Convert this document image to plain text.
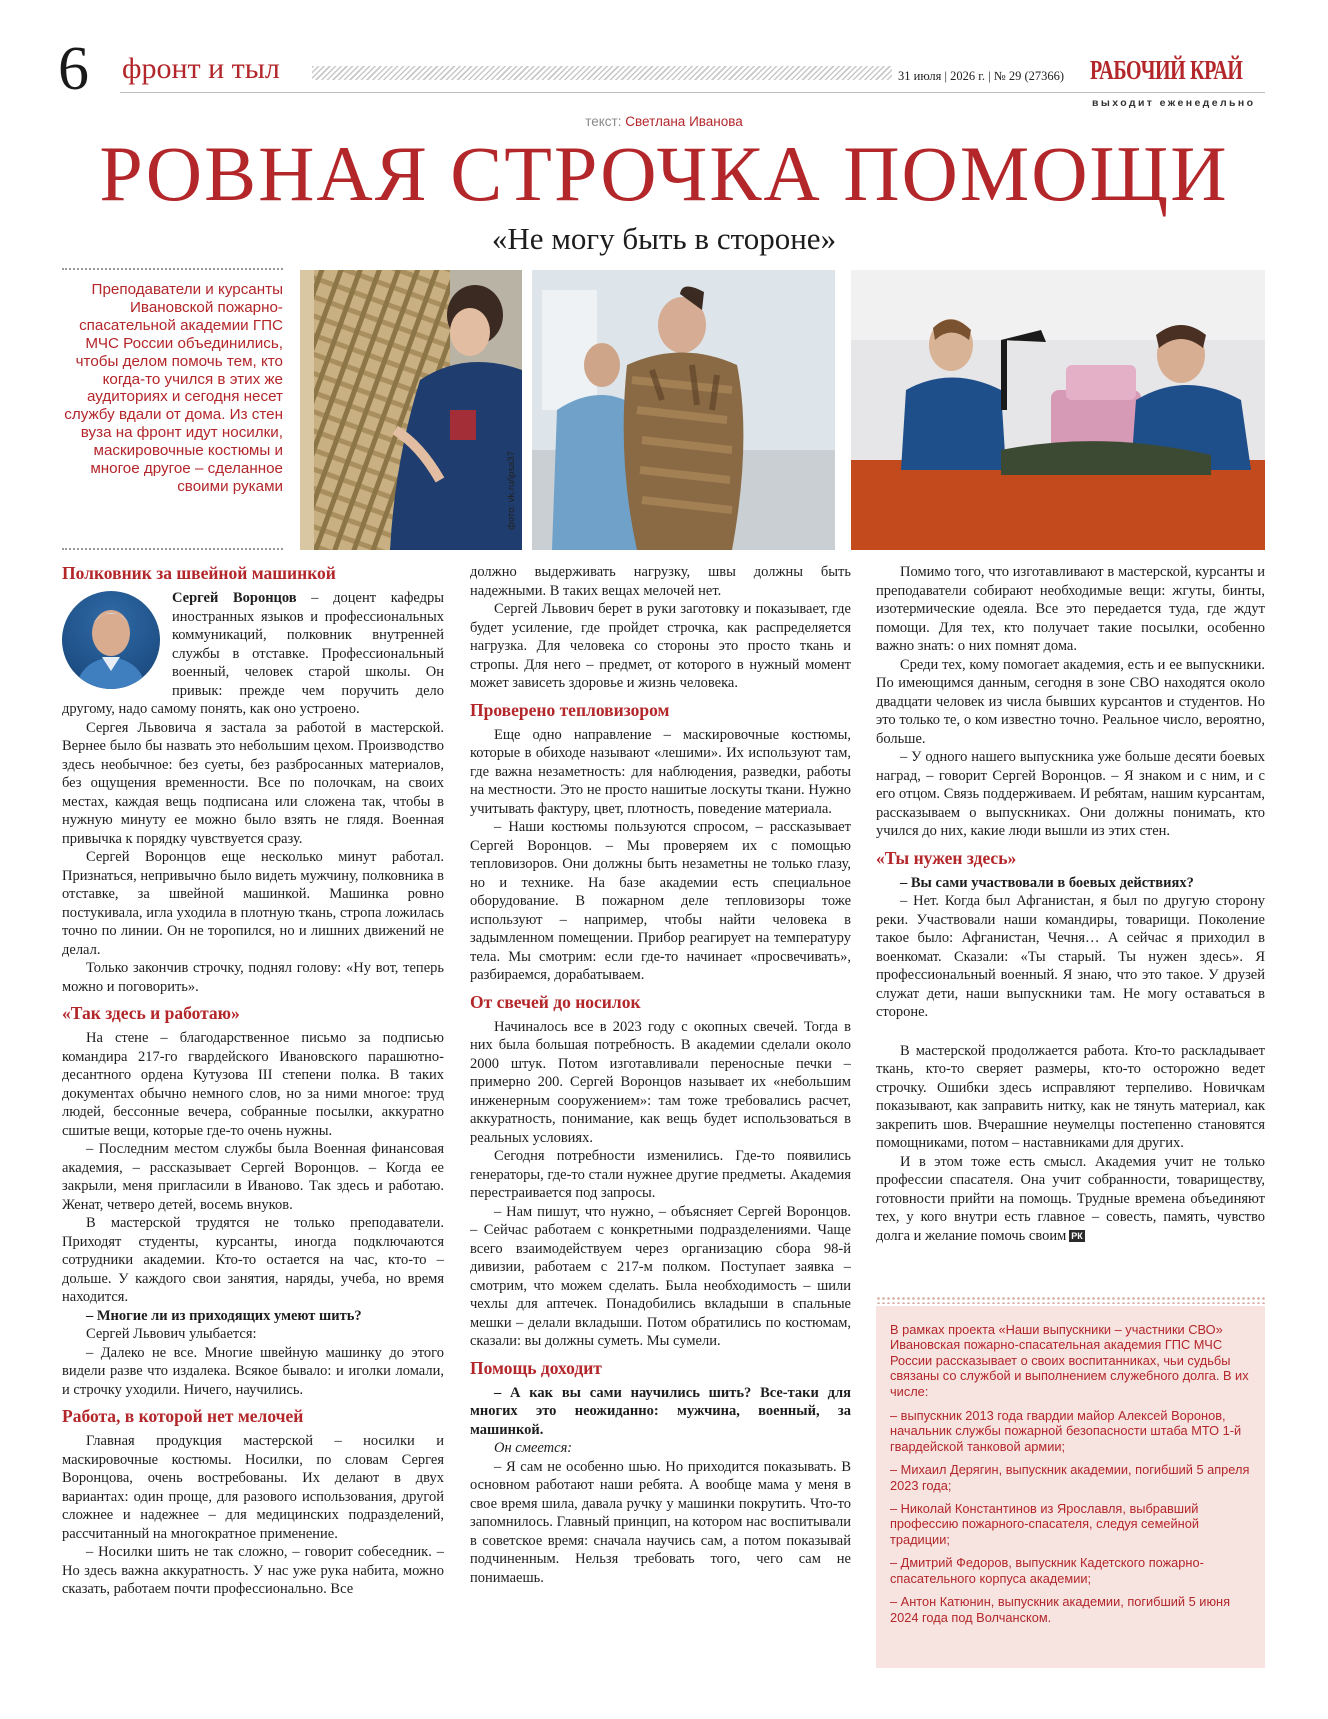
6 фронт и тыл	31 июля | 2026 г. | № 29 (27366) РАБОЧИЙ КРАЙ
выходит еженедельно
текст: Светлана Иванова
РОВНАЯ СТРОЧКА ПОМОЩИ
«Не могу быть в стороне»
Преподаватели и курсанты Ивановской пожарно-спасательной академии ГПС МЧС России объединились, чтобы делом помочь тем, кто когда-то учился в этих же аудиториях и сегодня несет службу вдали от дома. Из стен вуза на фронт идут носилки, маскировочные костюмы и многое другое – сделанное своими руками	фото: vk.ru/ipsa37
Полковник за швейной машинкой

Сергей Воронцов – доцент кафедры иностранных языков и профессиональных коммуникаций, полковник внутренней службы в отставке. Профессиональный военный, человек старой школы. Он привык: прежде чем поручить дело другому, надо самому понять, как оно устроено.

Сергея Львовича я застала за работой в мастерской. Вернее было бы назвать это небольшим цехом. Производство здесь необычное: без суеты, без разбросанных материалов, без ощущения временности. Все по полочкам, на своих местах, каждая вещь подписана или сложена так, чтобы в нужную минуту ее можно было взять не глядя. Военная привычка к порядку чувствуется сразу.

Сергей Воронцов еще несколько минут работал. Признаться, непривычно было видеть мужчину, полковника в отставке, за швейной машинкой. Машинка ровно постукивала, игла уходила в плотную ткань, стропа ложилась точно по линии. Он не торопился, но и лишних движений не делал.

Только закончив строчку, поднял голову: «Ну вот, теперь можно и поговорить».

«Так здесь и работаю»

На стене – благодарственное письмо за подписью командира 217-го гвардейского Ивановского парашютно-десантного ордена Кутузова III степени полка. В таких документах обычно немного слов, но за ними многое: труд людей, бессонные вечера, собранные посылки, аккуратно сшитые вещи, которые где-то очень нужны.

– Последним местом службы была Военная финансовая академия, – рассказывает Сергей Воронцов. – Когда ее закрыли, меня пригласили в Иваново. Так здесь и работаю. Женат, четверо детей, восемь внуков.

В мастерской трудятся не только преподаватели. Приходят студенты, курсанты, иногда подключаются сотрудники академии. Кто-то остается на час, кто-то – дольше. У каждого свои занятия, наряды, учеба, но время находится.

– Многие ли из приходящих умеют шить?

Сергей Львович улыбается:

– Далеко не все. Многие швейную машинку до этого видели разве что издалека. Всякое бывало: и иголки ломали, и строчку уходили. Ничего, научились.

Работа, в которой нет мелочей

Главная продукция мастерской – носилки и маскировочные костюмы. Носилки, по словам Сергея Воронцова, очень востребованы. Их делают в двух вариантах: один проще, для разового использования, другой сложнее и надежнее – для медицинских подразделений, рассчитанный на многократное применение.

– Носилки шить не так сложно, – говорит собеседник. – Но здесь важна аккуратность. У нас уже рука набита, можно сказать, работаем почти профессионально. Все

должно выдерживать нагрузку, швы должны быть надежными. В таких вещах мелочей нет.

Сергей Львович берет в руки заготовку и показывает, где будет усиление, где пройдет строчка, как распределяется нагрузка. Для человека со стороны это просто ткань и стропы. Для него – предмет, от которого в нужный момент может зависеть здоровье и жизнь человека.

Проверено тепловизором

Еще одно направление – маскировочные костюмы, которые в обиходе называют «лешими». Их используют там, где важна незаметность: для наблюдения, разведки, работы на местности. Это не просто нашитые лоскуты ткани. Нужно учитывать фактуру, цвет, плотность, поведение материала.

– Наши костюмы пользуются спросом, – рассказывает Сергей Воронцов. – Мы проверяем их с помощью тепловизоров. Они должны быть незаметны не только глазу, но и технике. На базе академии есть специальное оборудование. В пожарном деле тепловизоры тоже используют – например, чтобы найти человека в задымленном помещении. Прибор реагирует на температуру тела. Мы смотрим: если где-то начинает «просвечивать», разбираемся, дорабатываем.

От свечей до носилок

Начиналось все в 2023 году с окопных свечей. Тогда в них была большая потребность. В академии сделали около 2000 штук. Потом изготавливали переносные печки – примерно 200. Сергей Воронцов называет их «небольшим инженерным сооружением»: там тоже требовались расчет, аккуратность, понимание, как вещь будет использоваться в реальных условиях.

Сегодня потребности изменились. Где-то появились генераторы, где-то стали нужнее другие предметы. Академия перестраивается под запросы.

– Нам пишут, что нужно, – объясняет Сергей Воронцов. – Сейчас работаем с конкретными подразделениями. Чаще всего взаимодействуем через организацию сбора 98-й дивизии, работаем с 217-м полком. Поступает заявка – смотрим, что можем сделать. Была необходимость – шили чехлы для аптечек. Понадобились вкладыши в спальные мешки – делали вкладыши. Потом обратились по костюмам, сказали: вы должны суметь. Мы сумели.

Помощь доходит

– А как вы сами научились шить? Все-таки для многих это неожиданно: мужчина, военный, за машинкой.

Он смеется:

– Я сам не особенно шью. Но приходится показывать. В основном работают наши ребята. А вообще мама у меня в свое время шила, давала ручку у машинки покрутить. Что-то запомнилось. Главный принцип, на котором нас воспитывали в советское время: сначала научись сам, а потом показывай подчиненным. Нельзя требовать того, чего сам не понимаешь.

Помимо того, что изготавливают в мастерской, курсанты и преподаватели собирают необходимые вещи: жгуты, бинты, изотермические одеяла. Все это передается туда, где ждут помощи. Для тех, кто получает такие посылки, особенно важно знать: о них помнят дома.

Среди тех, кому помогает академия, есть и ее выпускники. По имеющимся данным, сегодня в зоне СВО находятся около двадцати человек из числа бывших курсантов и студентов. Но это только те, о ком известно точно. Реальное число, вероятно, больше.

– У одного нашего выпускника уже больше десяти боевых наград, – говорит Сергей Воронцов. – Я знаком и с ним, и с его отцом. Связь поддерживаем. И ребятам, нашим курсантам, рассказываем о выпускниках. Они должны понимать, кто учился до них, какие люди вышли из этих стен.

«Ты нужен здесь»

– Вы сами участвовали в боевых действиях?

– Нет. Когда был Афганистан, я был по другую сторону реки. Участвовали наши командиры, товарищи. Поколение такое было: Афганистан, Чечня… А сейчас я приходил в военкомат. Сказали: «Ты старый. Ты нужен здесь». Я профессиональный военный. Я знаю, что это такое. У друзей служат дети, наши выпускники там. Не могу оставаться в стороне.

В мастерской продолжается работа. Кто-то раскладывает ткань, кто-то сверяет размеры, кто-то осторожно ведет строчку. Ошибки здесь исправляют терпеливо. Новичкам показывают, как заправить нитку, как не тянуть материал, как закрепить шов. Вчерашние неумелцы постепенно становятся помощниками, потом – наставниками для других.

И в этом тоже есть смысл. Академия учит не только профессии спасателя. Она учит собранности, товариществу, готовности прийти на помощь. Трудные времена объединяют тех, у кого внутри есть главное – совесть, память, чувство долга и желание помочь своим РК

В рамках проекта «Наши выпускники – участники СВО» Ивановская пожарно-спасательная академия ГПС МЧС России рассказывает о своих воспитанниках, чьи судьбы связаны со службой и выполнением служебного долга. В их числе:

– выпускник 2013 года гвардии майор Алексей Воронов, начальник службы пожарной безопасности штаба МТО 1-й гвардейской танковой армии;
– Михаил Дерягин, выпускник академии, погибший 5 апреля 2023 года;
– Николай Константинов из Ярославля, выбравший профессию пожарного-спасателя, следуя семейной традиции;
– Дмитрий Федоров, выпускник Кадетского пожарно-спасательного корпуса академии;
– Антон Катюнин, выпускник академии, погибший 5 июня 2024 года под Волчанском.
